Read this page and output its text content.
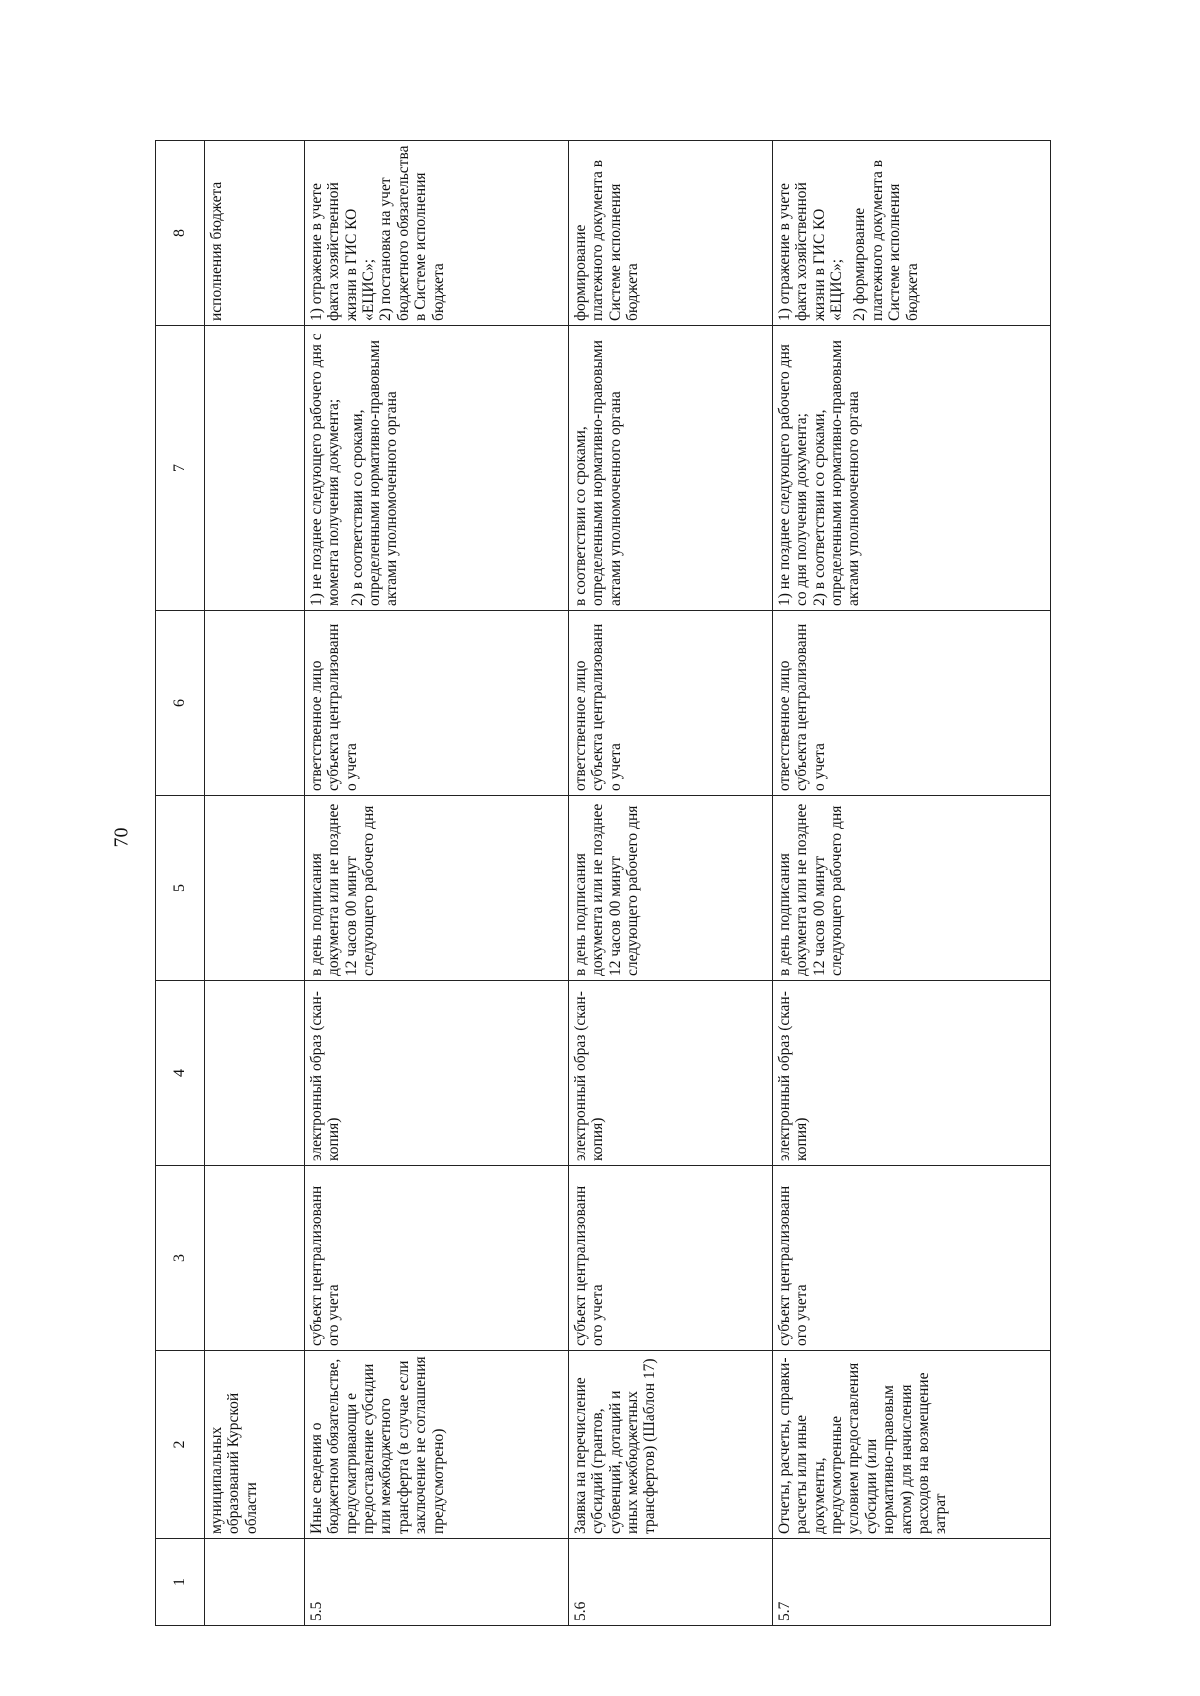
70
1	2	3	4	5	6	7	8
	муниципальных образований Курской области						исполнения бюджета
5.5	Иные сведения о бюджетном обязательстве, предусматривающи е предоставление субсидии или межбюджетного трансферта (в случае если заключение не соглашения предусмотрено)	субъект централизованн ого учета	электронный образ (скан-копия)	в день подписания документа или не позднее 12 часов 00 минут следующего рабочего дня	ответственное лицо субъекта централизованн о учета	1) не позднее следующего рабочего дня с момента получения документа; 2) в соответствии со сроками, определенными нормативно-правовыми актами уполномоченного органа	1) отражение в учете факта хозяйственной жизни в ГИС КО «ЕЦИС»; 2) постановка на учет бюджетного обязательства в Системе исполнения бюджета

5.6	Заявка на перечисление субсидий (грантов, субвенций, дотаций и иных межбюджетных трансфертов) (Шаблон 17)	субъект централизованн ого учета	электронный образ (скан-копия)	в день подписания документа или не позднее 12 часов 00 минут следующего рабочего дня	ответственное лицо субъекта централизованн о учета	в соответствии со сроками, определенными нормативно-правовыми актами уполномоченного органа	формирование платежного документа в Системе исполнения бюджета

5.7	Отчеты, расчеты, справки-расчеты или иные документы, предусмотренные условием предоставления субсидии (или нормативно-правовым актом) для начисления расходов на возмещение затрат	субъект централизованн ого учета	электронный образ (скан-копия)	в день подписания документа или не позднее 12 часов 00 минут следующего рабочего дня	ответственное лицо субъекта централизованн о учета	1) не позднее следующего рабочего дня со дня получения документа; 2) в соответствии со сроками, определенными нормативно-правовыми актами уполномоченного органа	1) отражение в учете факта хозяйственной жизни в ГИС КО «ЕЦИС»; 2) формирование платежного документа в Системе исполнения бюджета
